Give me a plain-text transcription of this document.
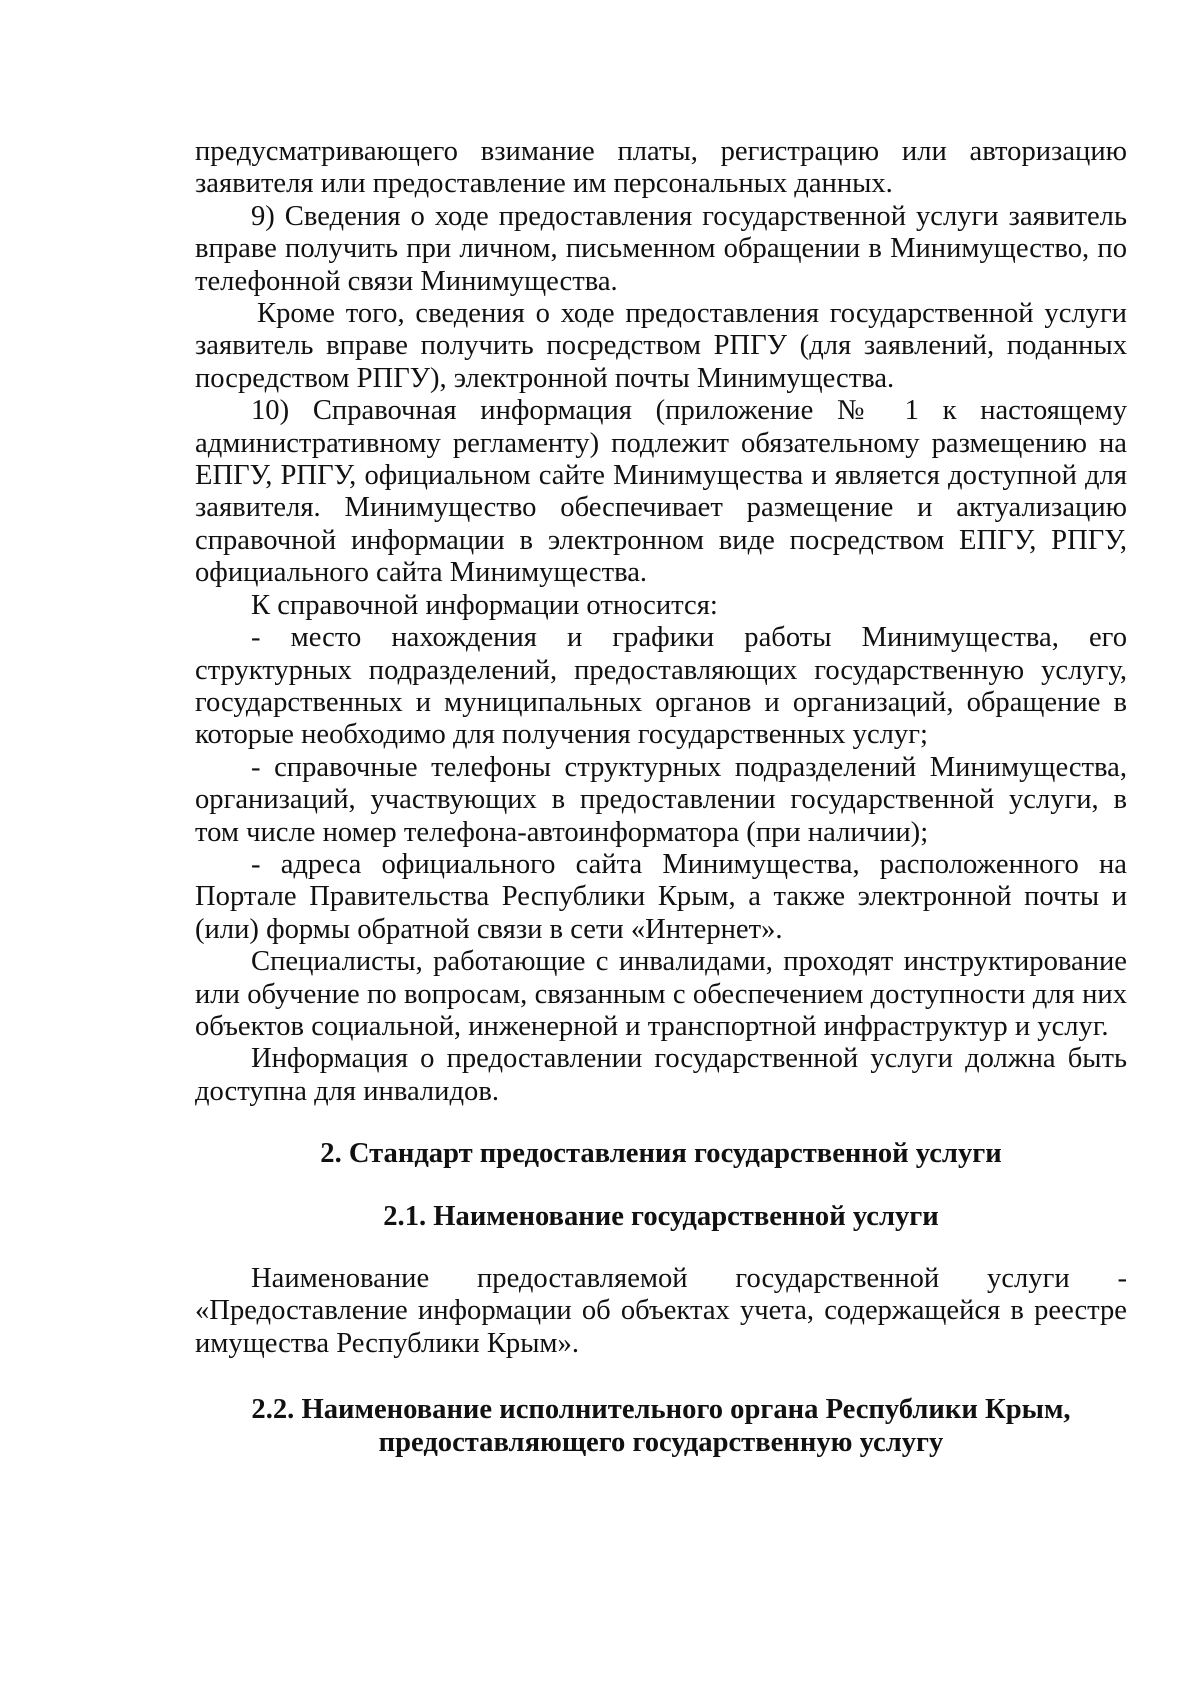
предусматривающего взимание платы, регистрацию или авторизацию заявителя или предоставление им персональных данных.

9) Сведения о ходе предоставления государственной услуги заявитель вправе получить при личном, письменном обращении в Минимущество, по телефонной связи Минимущества.

Кроме того, сведения о ходе предоставления государственной услуги заявитель вправе получить посредством РПГУ (для заявлений, поданных посредством РПГУ), электронной почты Минимущества.

10) Справочная информация (приложение № 1 к настоящему административному регламенту) подлежит обязательному размещению на ЕПГУ, РПГУ, официальном сайте Минимущества и является доступной для заявителя. Минимущество обеспечивает размещение и актуализацию справочной информации в электронном виде посредством ЕПГУ, РПГУ, официального сайта Минимущества.

К справочной информации относится:

- место нахождения и графики работы Минимущества, его структурных подразделений, предоставляющих государственную услугу, государственных и муниципальных органов и организаций, обращение в которые необходимо для получения государственных услуг;

- справочные телефоны структурных подразделений Минимущества, организаций, участвующих в предоставлении государственной услуги, в том числе номер телефона-автоинформатора (при наличии);

- адреса официального сайта Минимущества, расположенного на Портале Правительства Республики Крым, а также электронной почты и (или) формы обратной связи в сети «Интернет».

Специалисты, работающие с инвалидами, проходят инструктирование или обучение по вопросам, связанным с обеспечением доступности для них объектов социальной, инженерной и транспортной инфраструктур и услуг.

Информация о предоставлении государственной услуги должна быть доступна для инвалидов.

2. Стандарт предоставления государственной услуги
2.1. Наименование государственной услуги

Наименование предоставляемой государственной услуги - «Предоставление информации об объектах учета, содержащейся в реестре имущества Республики Крым».

2.2. Наименование исполнительного органа Республики Крым,
предоставляющего государственную услугу
